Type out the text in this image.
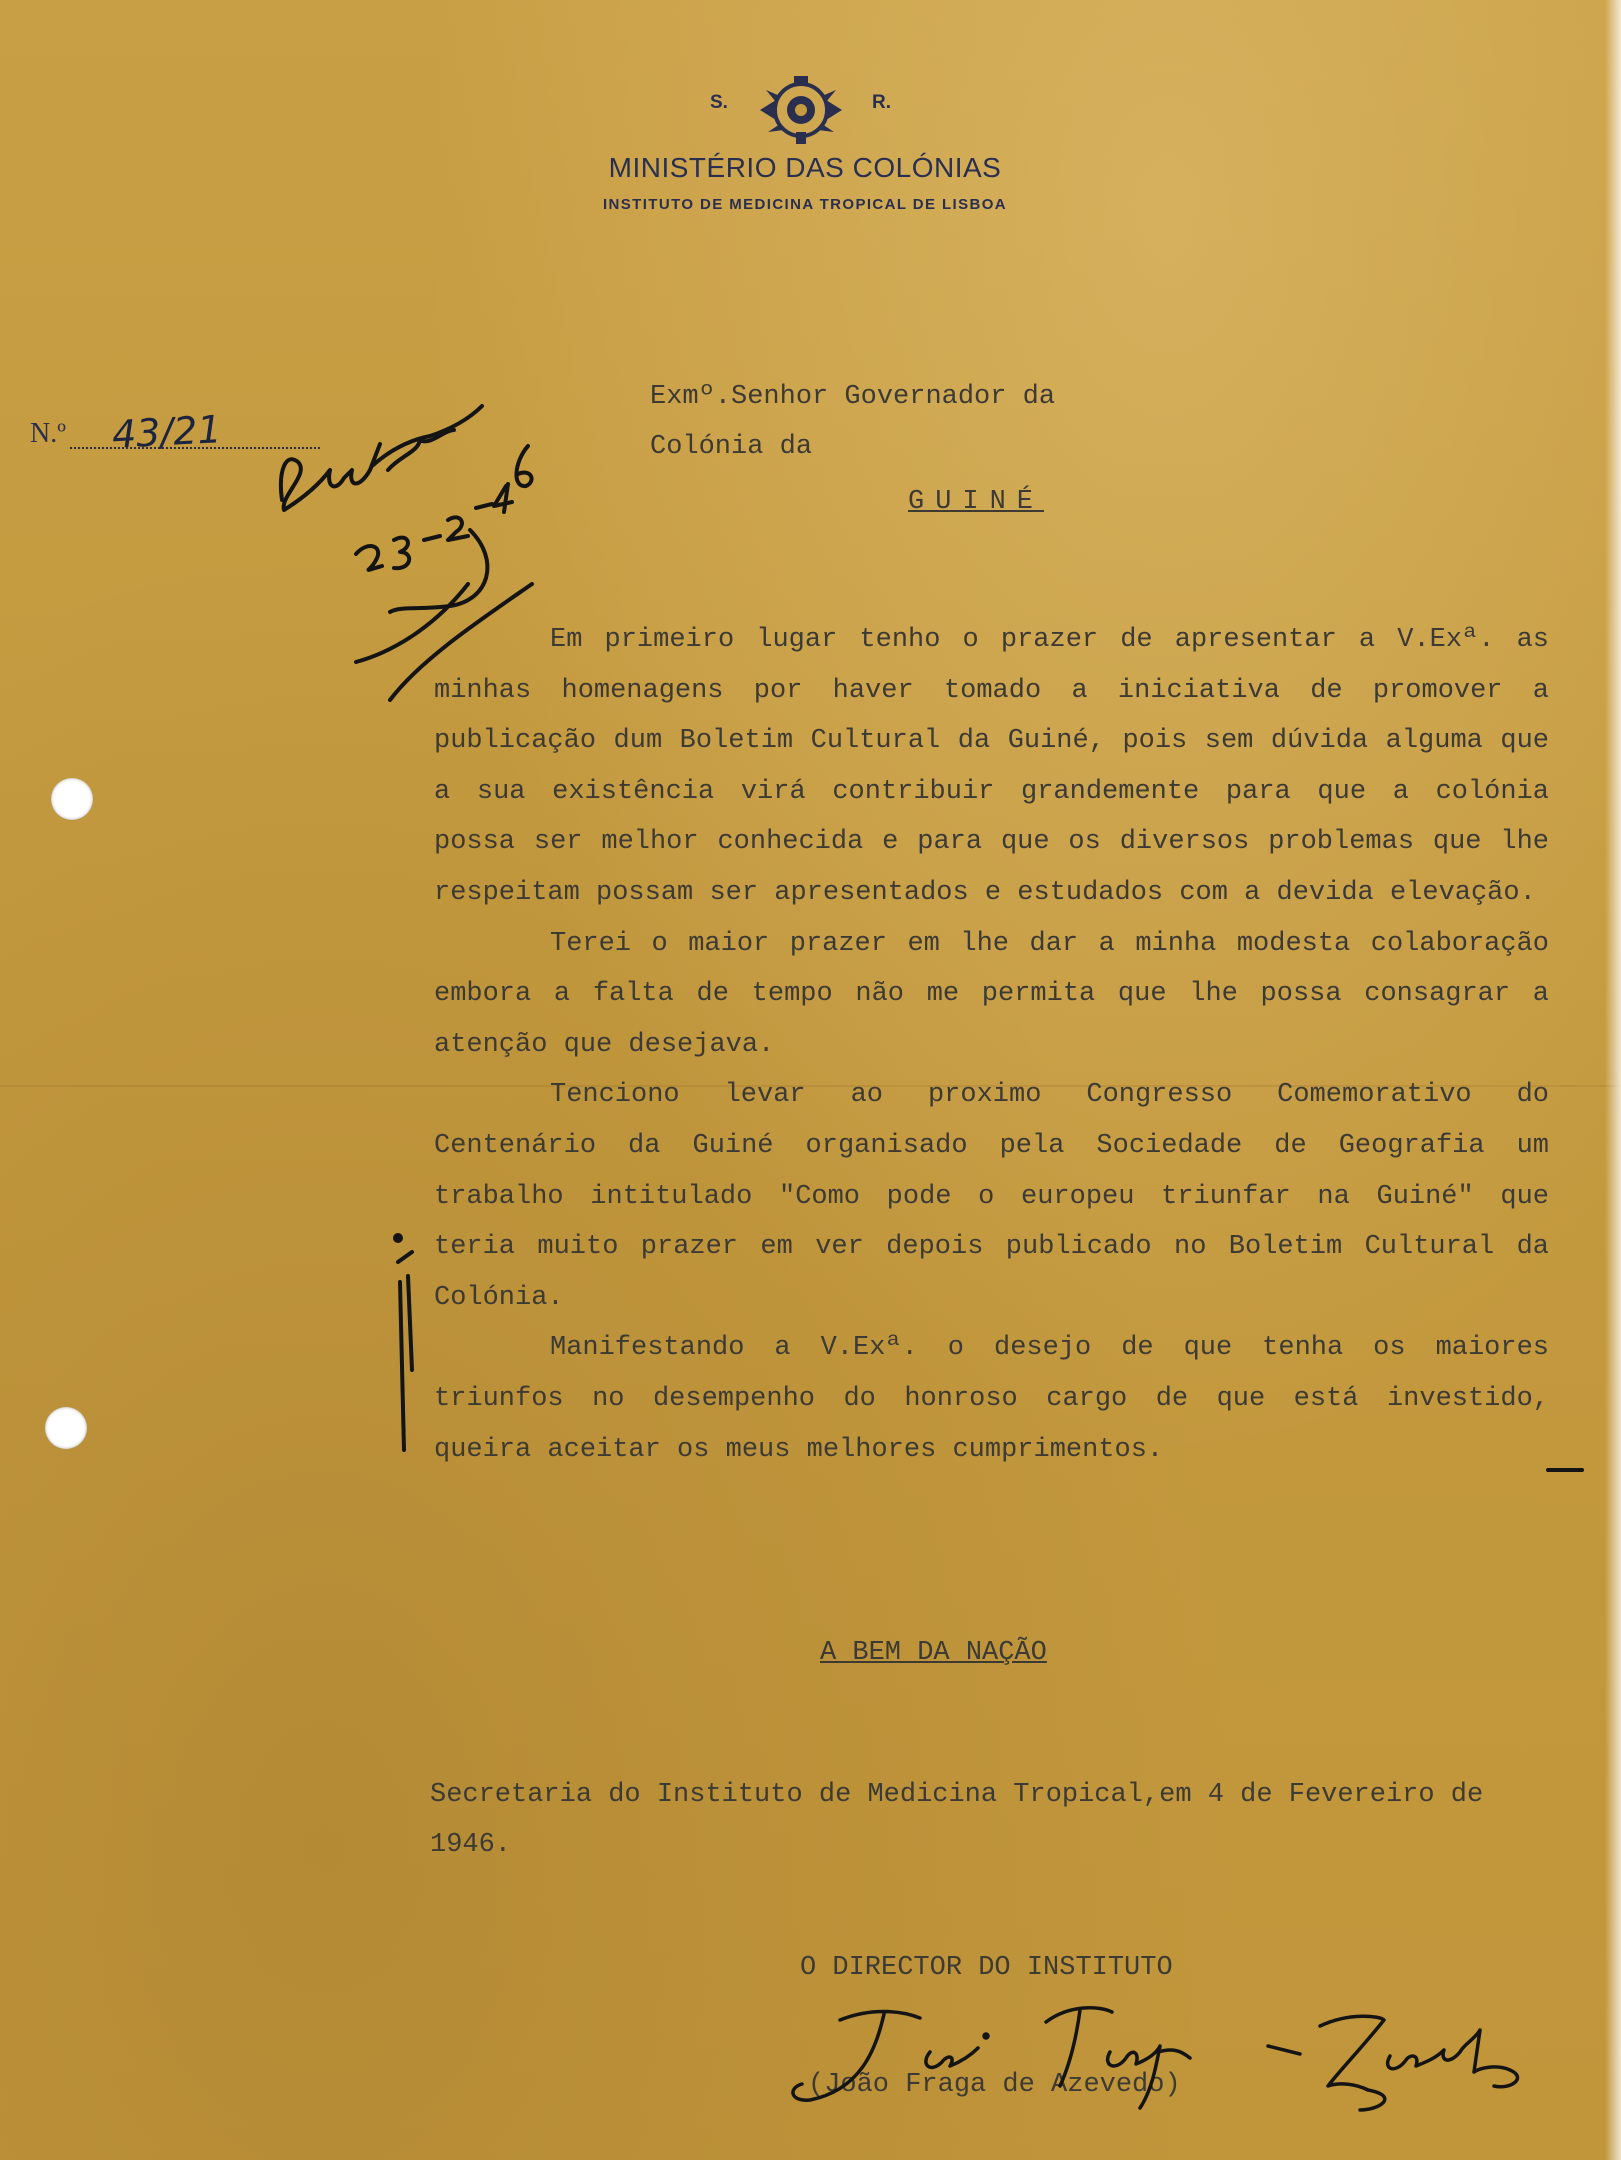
S.	R.
MINISTÉRIO DAS COLÓNIAS
INSTITUTO DE MEDICINA TROPICAL DE LISBOA
N.º 43/21
Exmº.Senhor Governador da
Colónia da
GUINÉ

Em primeiro lugar tenho o prazer de apresentar a V.Exª. as minhas homenagens por haver tomado a iniciativa de promover a publicação dum Boletim Cultural da Guiné, pois sem dúvida alguma que a sua existência virá contribuir grandemente para que a colónia possa ser melhor conhecida e para que os diversos problemas que lhe respeitam possam ser apresentados e estudados com a devida elevação.

Terei o maior prazer em lhe dar a minha modesta colaboração embora a falta de tempo não me permita que lhe possa consagrar a atenção que desejava.

Tenciono levar ao proximo Congresso Comemorativo do Centenário da Guiné organisado pela Sociedade de Geografia um trabalho intitulado "Como pode o europeu triunfar na Guiné" que teria muito prazer em ver depois publicado no Boletim Cultural da Colónia.

Manifestando a V.Exª. o desejo de que tenha os maiores triunfos no desempenho do honroso cargo de que está investido, queira aceitar os meus melhores cumprimentos.

A BEM DA NAÇÃO
Secretaria do Instituto de Medicina Tropical,em 4 de Fevereiro de 1946.
O DIRECTOR DO INSTITUTO
(João Fraga de Azevedo)
